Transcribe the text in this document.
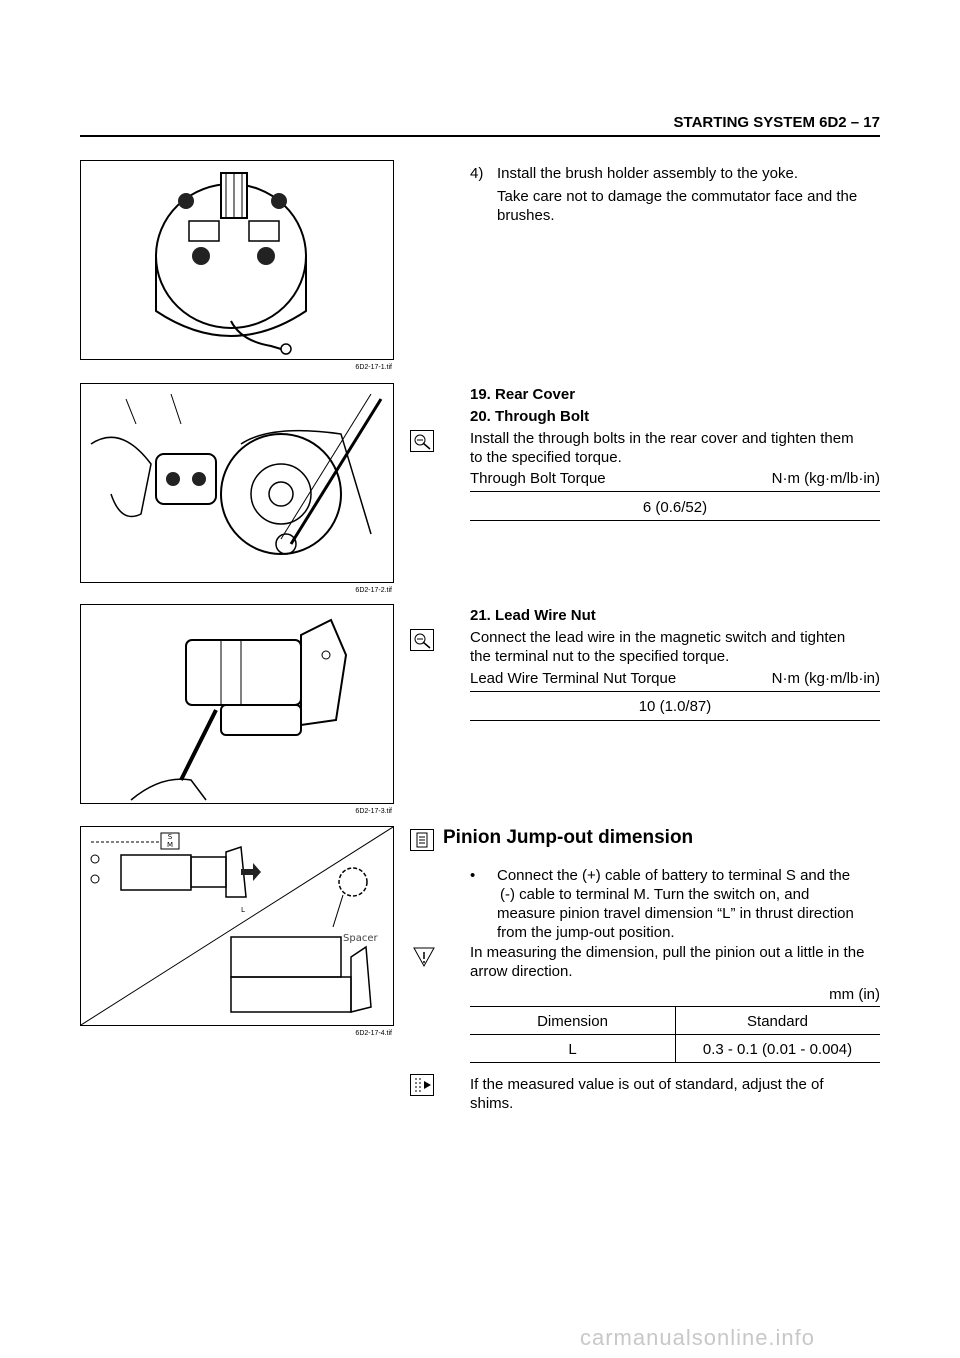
STARTING SYSTEM 6D2 – 17
6D2-17-1.tif
6D2-17-2.tif
6D2-17-3.tif
S
M
L
Spacer
6D2-17-4.tif
4) Install the brush holder assembly to the yoke.
Take care not to damage the commutator face and the
brushes.
19. Rear Cover
20. Through Bolt
Install the through bolts in the rear cover and tighten them
to the specified torque.
Through Bolt Torque	N·m (kg·m/lb·in)
6 (0.6/52)
21. Lead Wire Nut
Connect the lead wire in the magnetic switch and tighten
the terminal nut to the specified torque.
Lead Wire Terminal Nut Torque	N·m (kg·m/lb·in)
10 (1.0/87)
Pinion Jump-out dimension
• Connect the (+) cable of battery to terminal S and the
(-) cable to terminal M. Turn the switch on, and
measure pinion travel dimension “L” in thrust direction
from the jump-out position.
In measuring the dimension, pull the pinion out a little in the
arrow direction.
mm (in)
Dimension	Standard
L	0.3 - 0.1 (0.01 - 0.004)
If the measured value is out of standard, adjust the of
shims.
carmanualsonline.info
